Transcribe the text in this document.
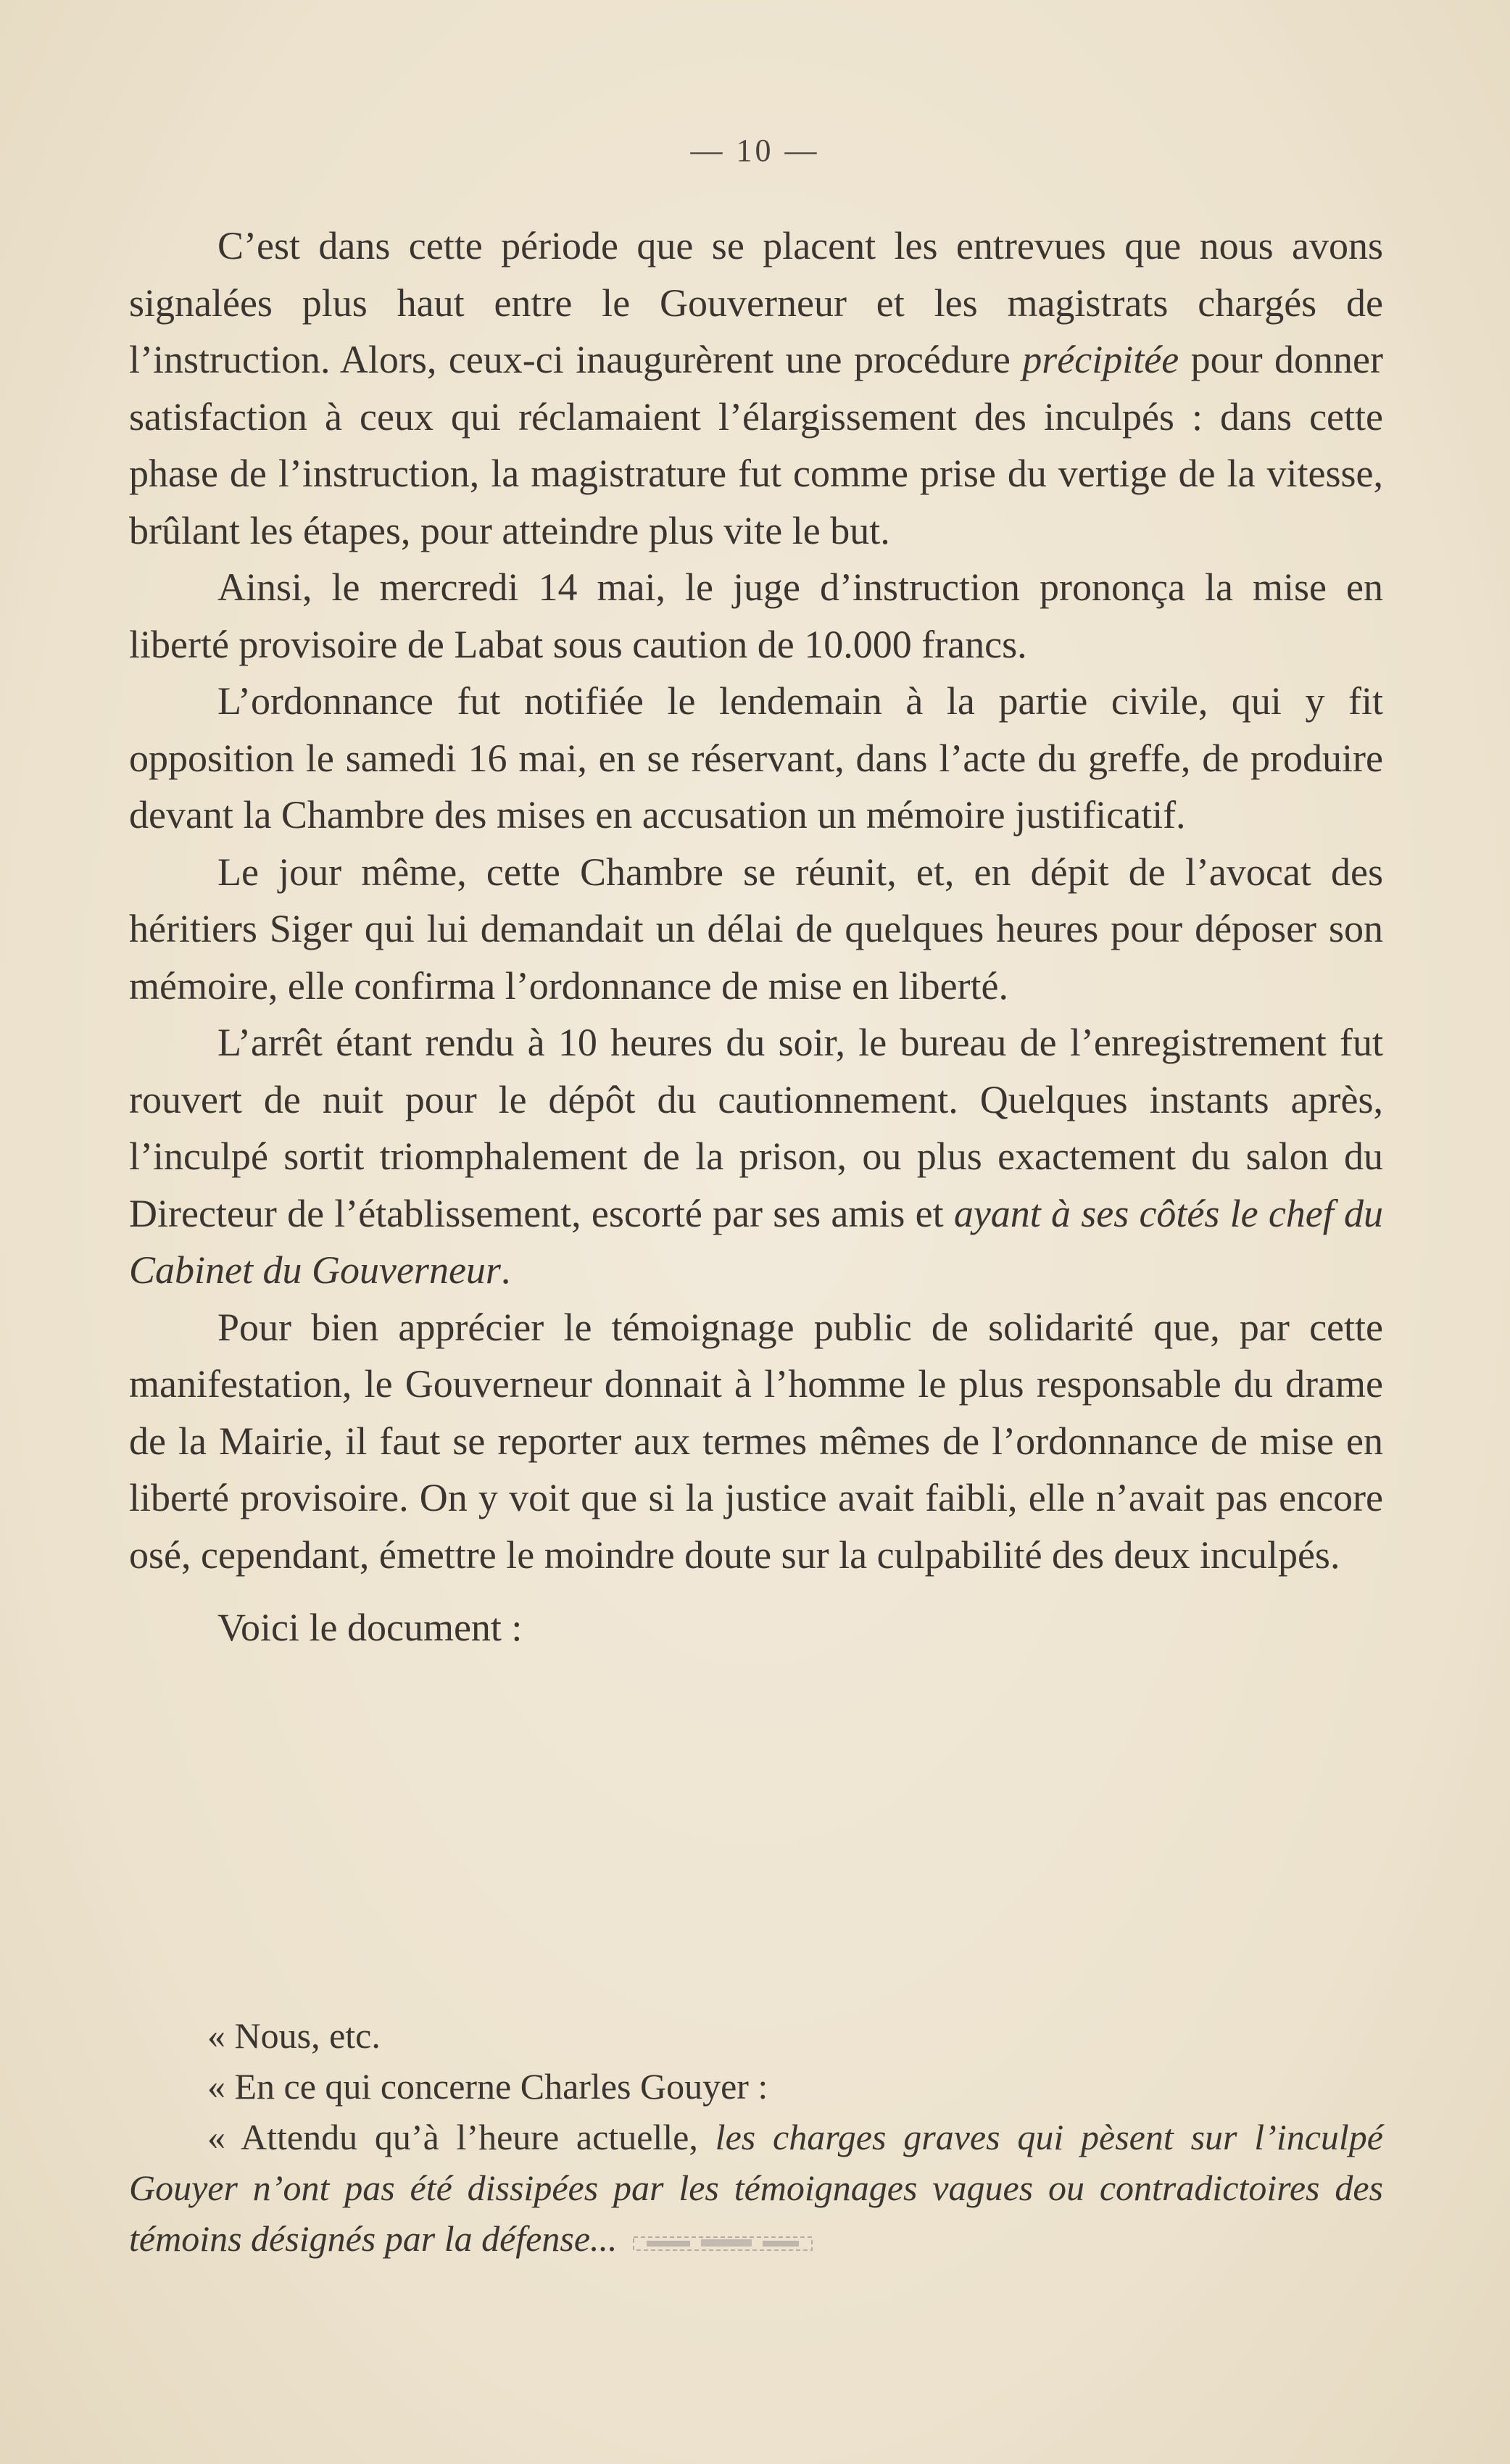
— 10 —

C’est dans cette période que se placent les entrevues que nous avons signalées plus haut entre le Gouverneur et les magistrats chargés de l’instruction. Alors, ceux-ci inaugurèrent une procédure précipitée pour donner satisfaction à ceux qui réclamaient l’élargissement des inculpés : dans cette phase de l’instruction, la magistrature fut comme prise du vertige de la vitesse, brûlant les étapes, pour atteindre plus vite le but.

Ainsi, le mercredi 14 mai, le juge d’instruction prononça la mise en liberté provisoire de Labat sous caution de 10.000 francs.

L’ordonnance fut notifiée le lendemain à la partie civile, qui y fit opposition le samedi 16 mai, en se réservant, dans l’acte du greffe, de produire devant la Chambre des mises en accusation un mémoire justificatif.

Le jour même, cette Chambre se réunit, et, en dépit de l’avocat des héritiers Siger qui lui demandait un délai de quelques heures pour déposer son mémoire, elle confirma l’ordonnance de mise en liberté.

L’arrêt étant rendu à 10 heures du soir, le bureau de l’enregistrement fut rouvert de nuit pour le dépôt du cautionnement. Quelques instants après, l’inculpé sortit triomphalement de la prison, ou plus exactement du salon du Directeur de l’établissement, escorté par ses amis et ayant à ses côtés le chef du Cabinet du Gouverneur.

Pour bien apprécier le témoignage public de solidarité que, par cette manifestation, le Gouverneur donnait à l’homme le plus responsable du drame de la Mairie, il faut se reporter aux termes mêmes de l’ordonnance de mise en liberté provisoire. On y voit que si la justice avait faibli, elle n’avait pas encore osé, cependant, émettre le moindre doute sur la culpabilité des deux inculpés.

Voici le document :

« Nous, etc.

« En ce qui concerne Charles Gouyer :

« Attendu qu’à l’heure actuelle, les charges graves qui pèsent sur l’inculpé Gouyer n’ont pas été dissipées par les témoignages vagues ou contradictoires des témoins désignés par la défense...
